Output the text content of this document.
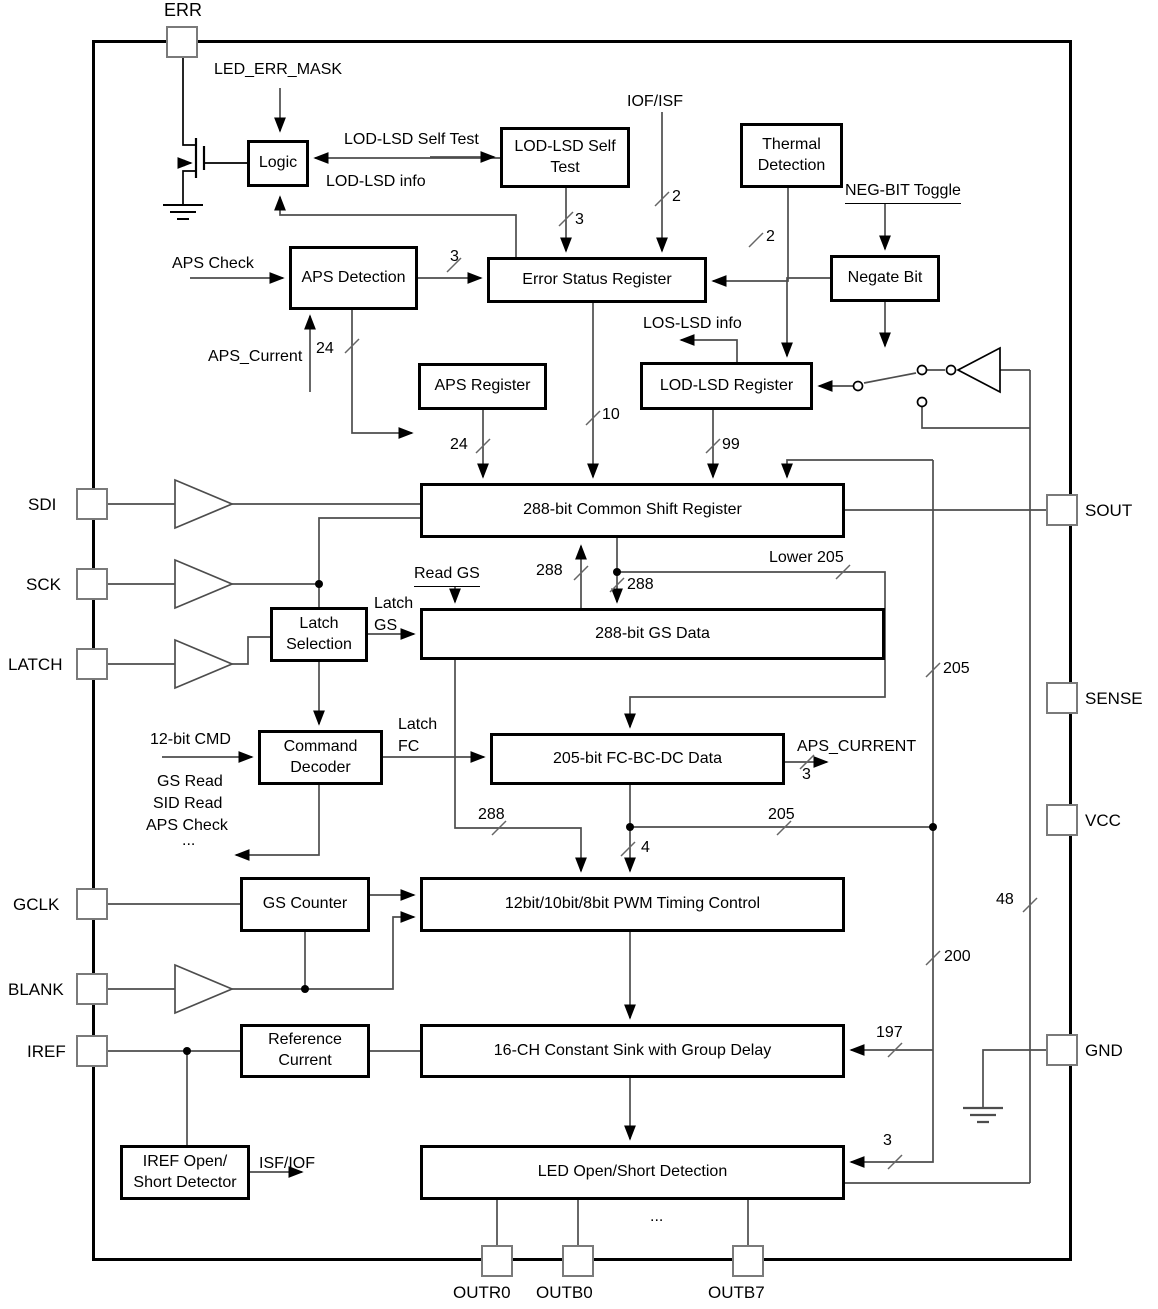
Logic
LOD-LSD Self Test
Thermal Detection
Negate Bit
APS Detection	Error Status Register
APS Register	LOD-LSD Register
288-bit Common Shift Register
Latch Selection
288-bit GS Data
Command Decoder
205-bit FC-BC-DC Data
GS Counter	12bit/10bit/8bit PWM Timing Control
Reference Current
16-CH Constant Sink with Group Delay
IREF Open/ Short Detector
LED Open/Short Detection
$\overline{ERR}$
SDI
SCK
LATCH
GCLK
BLANK
IREF
SOUT
SENSE
VCC
GND
OUTR0 OUTB0	OUTB7
LED_ERR_MASK
LOD-LSD Self Test
LOD-LSD info
IOF/ISF
NEG-BIT Toggle
APS Check
APS_Current
LOS-LSD info
Read GS
Latch
GS
Lower 205
12-bit CMD
GS Read
SID Read
APS Check
...
Latch
FC	APS_CURRENT
ISF/IOF
...
3
2
2
3
24
10
24	99
288
288
205
288	205
4
3
200
197
3
48
